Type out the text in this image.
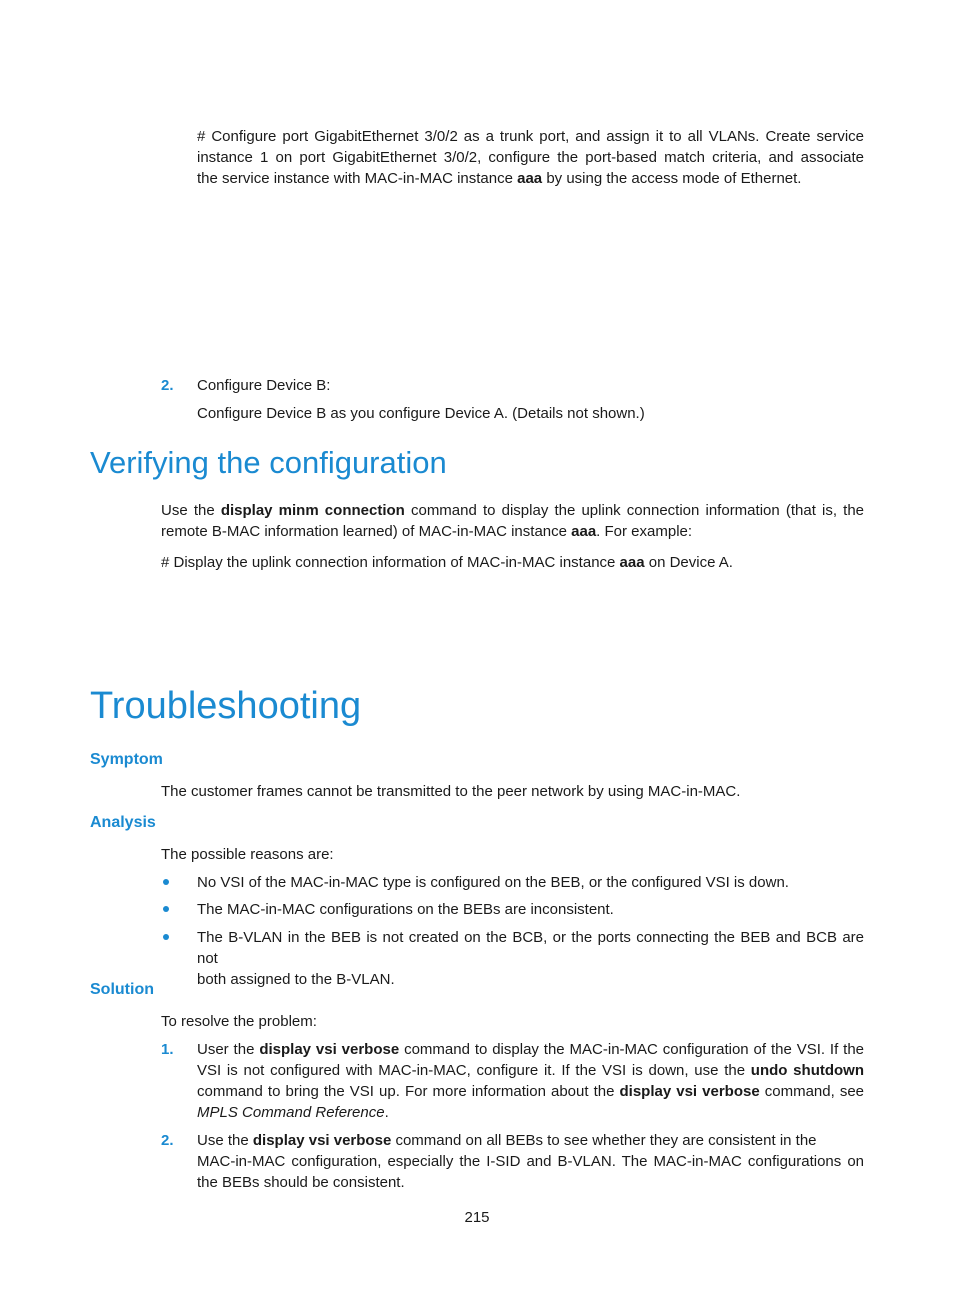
# Configure port GigabitEthernet 3/0/2 as a trunk port, and assign it to all VLANs. Create service

instance 1 on port GigabitEthernet 3/0/2, configure the port-based match criteria, and associate

the service instance with MAC-in-MAC instance aaa by using the access mode of Ethernet.

2. Configure Device B:

Configure Device B as you configure Device A. (Details not shown.)

Verifying the configuration

Use the display minm connection command to display the uplink connection information (that is, the

remote B-MAC information learned) of MAC-in-MAC instance aaa. For example:

# Display the uplink connection information of MAC-in-MAC instance aaa on Device A.

Troubleshooting
Symptom

The customer frames cannot be transmitted to the peer network by using MAC-in-MAC.

Analysis

The possible reasons are:

No VSI of the MAC-in-MAC type is configured on the BEB, or the configured VSI is down.

The MAC-in-MAC configurations on the BEBs are inconsistent.

The B-VLAN in the BEB is not created on the BCB, or the ports connecting the BEB and BCB are not

both assigned to the B-VLAN.

Solution

To resolve the problem:

1. User the display vsi verbose command to display the MAC-in-MAC configuration of the VSI. If the

VSI is not configured with MAC-in-MAC, configure it. If the VSI is down, use the undo shutdown

command to bring the VSI up. For more information about the display vsi verbose command, see

MPLS Command Reference.

2. Use the display vsi verbose command on all BEBs to see whether they are consistent in the

MAC-in-MAC configuration, especially the I-SID and B-VLAN. The MAC-in-MAC configurations on

the BEBs should be consistent.

215
